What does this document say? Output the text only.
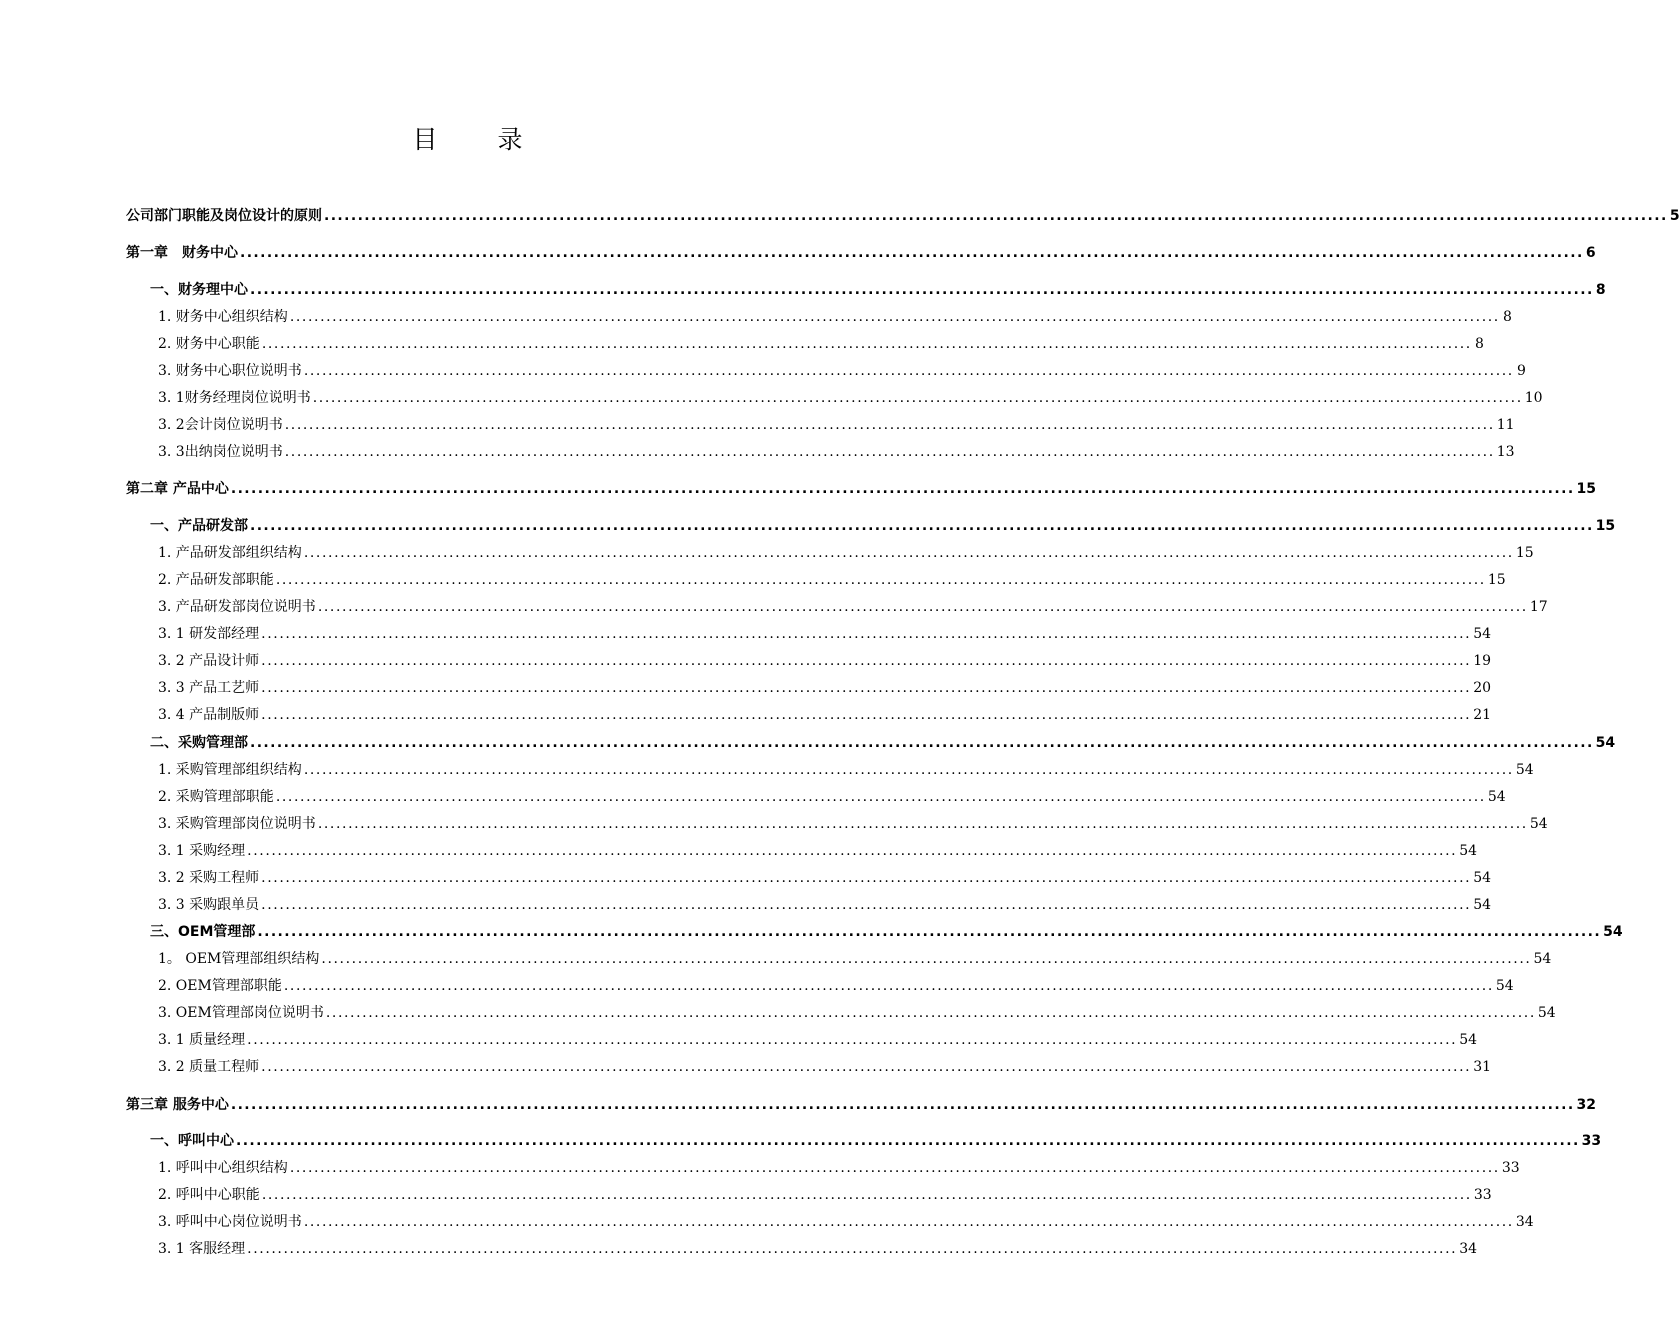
目 录
公司部门职能及岗位设计的原则 ........................................................................................................................................................................................................ 5
第一章　财务中心 ........................................................................................................................................................................................................ 6
一、财务理中心 ........................................................................................................................................................................................................ 8
1. 财务中心组织结构 ........................................................................................................................................................................................................ 8
2. 财务中心职能 ........................................................................................................................................................................................................ 8
3. 财务中心职位说明书 ........................................................................................................................................................................................................ 9
3. 1财务经理岗位说明书 ........................................................................................................................................................................................................ 10
3. 2会计岗位说明书 ........................................................................................................................................................................................................ 11
3. 3出纳岗位说明书 ........................................................................................................................................................................................................ 13
第二章 产品中心 ........................................................................................................................................................................................................ 15
一、产品研发部 ........................................................................................................................................................................................................ 15
1. 产品研发部组织结构 ........................................................................................................................................................................................................ 15
2. 产品研发部职能 ........................................................................................................................................................................................................ 15
3. 产品研发部岗位说明书 ........................................................................................................................................................................................................ 17
3. 1 研发部经理 ........................................................................................................................................................................................................ 54
3. 2 产品设计师 ........................................................................................................................................................................................................ 19
3. 3 产品工艺师 ........................................................................................................................................................................................................ 20
3. 4 产品制版师 ........................................................................................................................................................................................................ 21
二、采购管理部 ........................................................................................................................................................................................................ 54
1. 采购管理部组织结构 ........................................................................................................................................................................................................ 54
2. 采购管理部职能 ........................................................................................................................................................................................................ 54
3. 采购管理部岗位说明书 ........................................................................................................................................................................................................ 54
3. 1 采购经理 ........................................................................................................................................................................................................ 54
3. 2 采购工程师 ........................................................................................................................................................................................................ 54
3. 3 采购跟单员 ........................................................................................................................................................................................................ 54
三、OEM管理部 ........................................................................................................................................................................................................ 54
1。 OEM管理部组织结构 ........................................................................................................................................................................................................ 54
2. OEM管理部职能 ........................................................................................................................................................................................................ 54
3. OEM管理部岗位说明书 ........................................................................................................................................................................................................ 54
3. 1 质量经理 ........................................................................................................................................................................................................ 54
3. 2 质量工程师 ........................................................................................................................................................................................................ 31
第三章 服务中心 ........................................................................................................................................................................................................ 32
一、呼叫中心 ........................................................................................................................................................................................................ 33
1. 呼叫中心组织结构 ........................................................................................................................................................................................................ 33
2. 呼叫中心职能 ........................................................................................................................................................................................................ 33
3. 呼叫中心岗位说明书 ........................................................................................................................................................................................................ 34
3. 1 客服经理 ........................................................................................................................................................................................................ 34
